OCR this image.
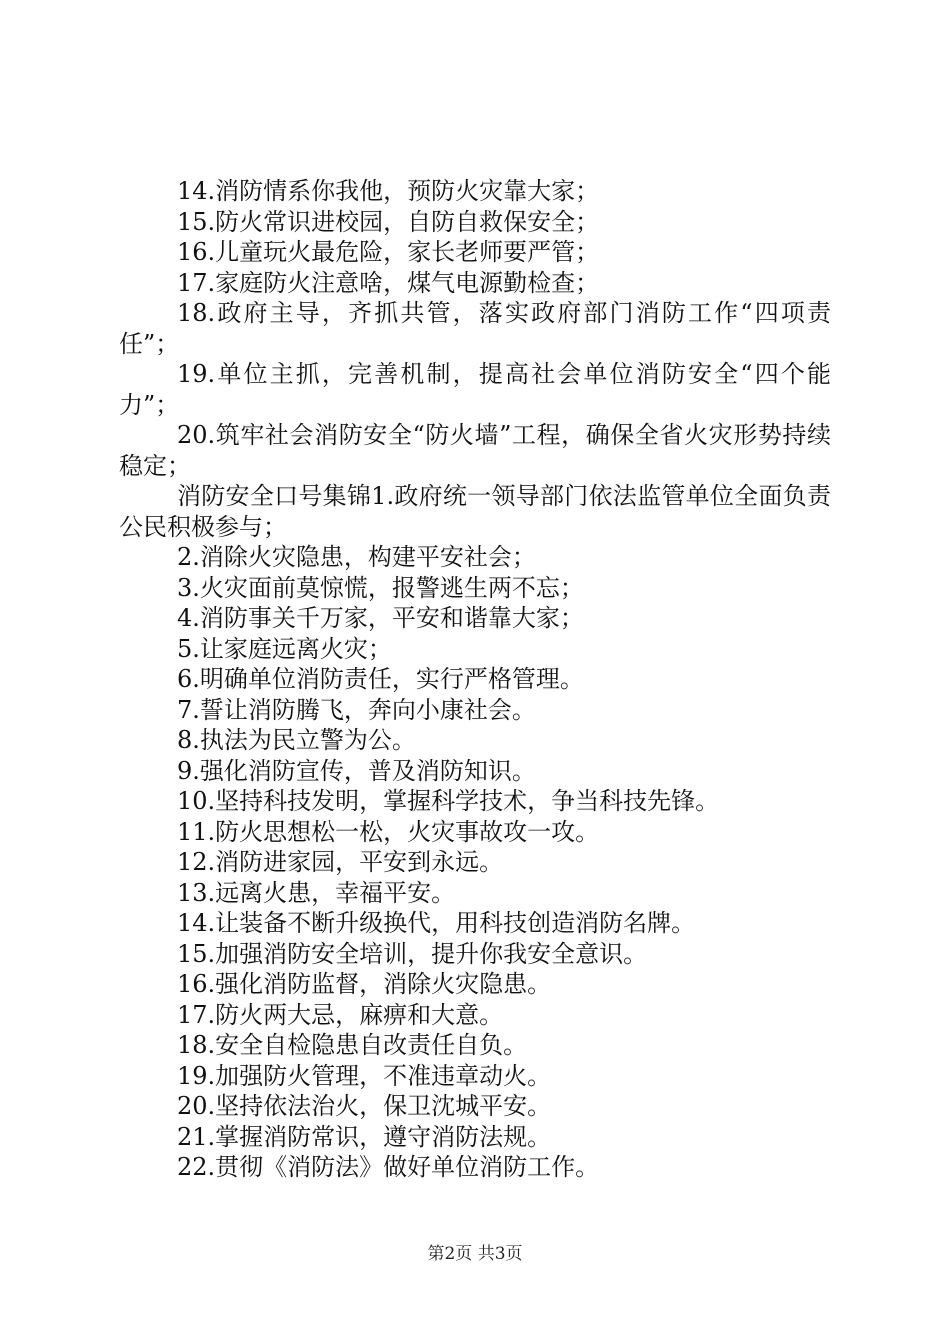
14.消防情系你我他，预防火灾靠大家；

15.防火常识进校园，自防自救保安全；

16.儿童玩火最危险，家长老师要严管；

17.家庭防火注意啥，煤气电源勤检查；

18.政府主导，齐抓共管，落实政府部门消防工作“四项责任”；

19.单位主抓，完善机制，提高社会单位消防安全“四个能力”；

20.筑牢社会消防安全“防火墙”工程，确保全省火灾形势持续稳定；

消防安全口号集锦1.政府统一领导部门依法监管单位全面负责公民积极参与；

2.消除火灾隐患，构建平安社会；

3.火灾面前莫惊慌，报警逃生两不忘；

4.消防事关千万家，平安和谐靠大家；

5.让家庭远离火灾；

6.明确单位消防责任，实行严格管理。

7.誓让消防腾飞，奔向小康社会。

8.执法为民立警为公。

9.强化消防宣传，普及消防知识。

10.坚持科技发明，掌握科学技术，争当科技先锋。

11.防火思想松一松，火灾事故攻一攻。

12.消防进家园，平安到永远。

13.远离火患，幸福平安。

14.让装备不断升级换代，用科技创造消防名牌。

15.加强消防安全培训，提升你我安全意识。

16.强化消防监督，消除火灾隐患。

17.防火两大忌，麻痹和大意。

18.安全自检隐患自改责任自负。

19.加强防火管理，不准违章动火。

20.坚持依法治火，保卫沈城平安。

21.掌握消防常识，遵守消防法规。

22.贯彻《消防法》做好单位消防工作。

第2页 共3页
